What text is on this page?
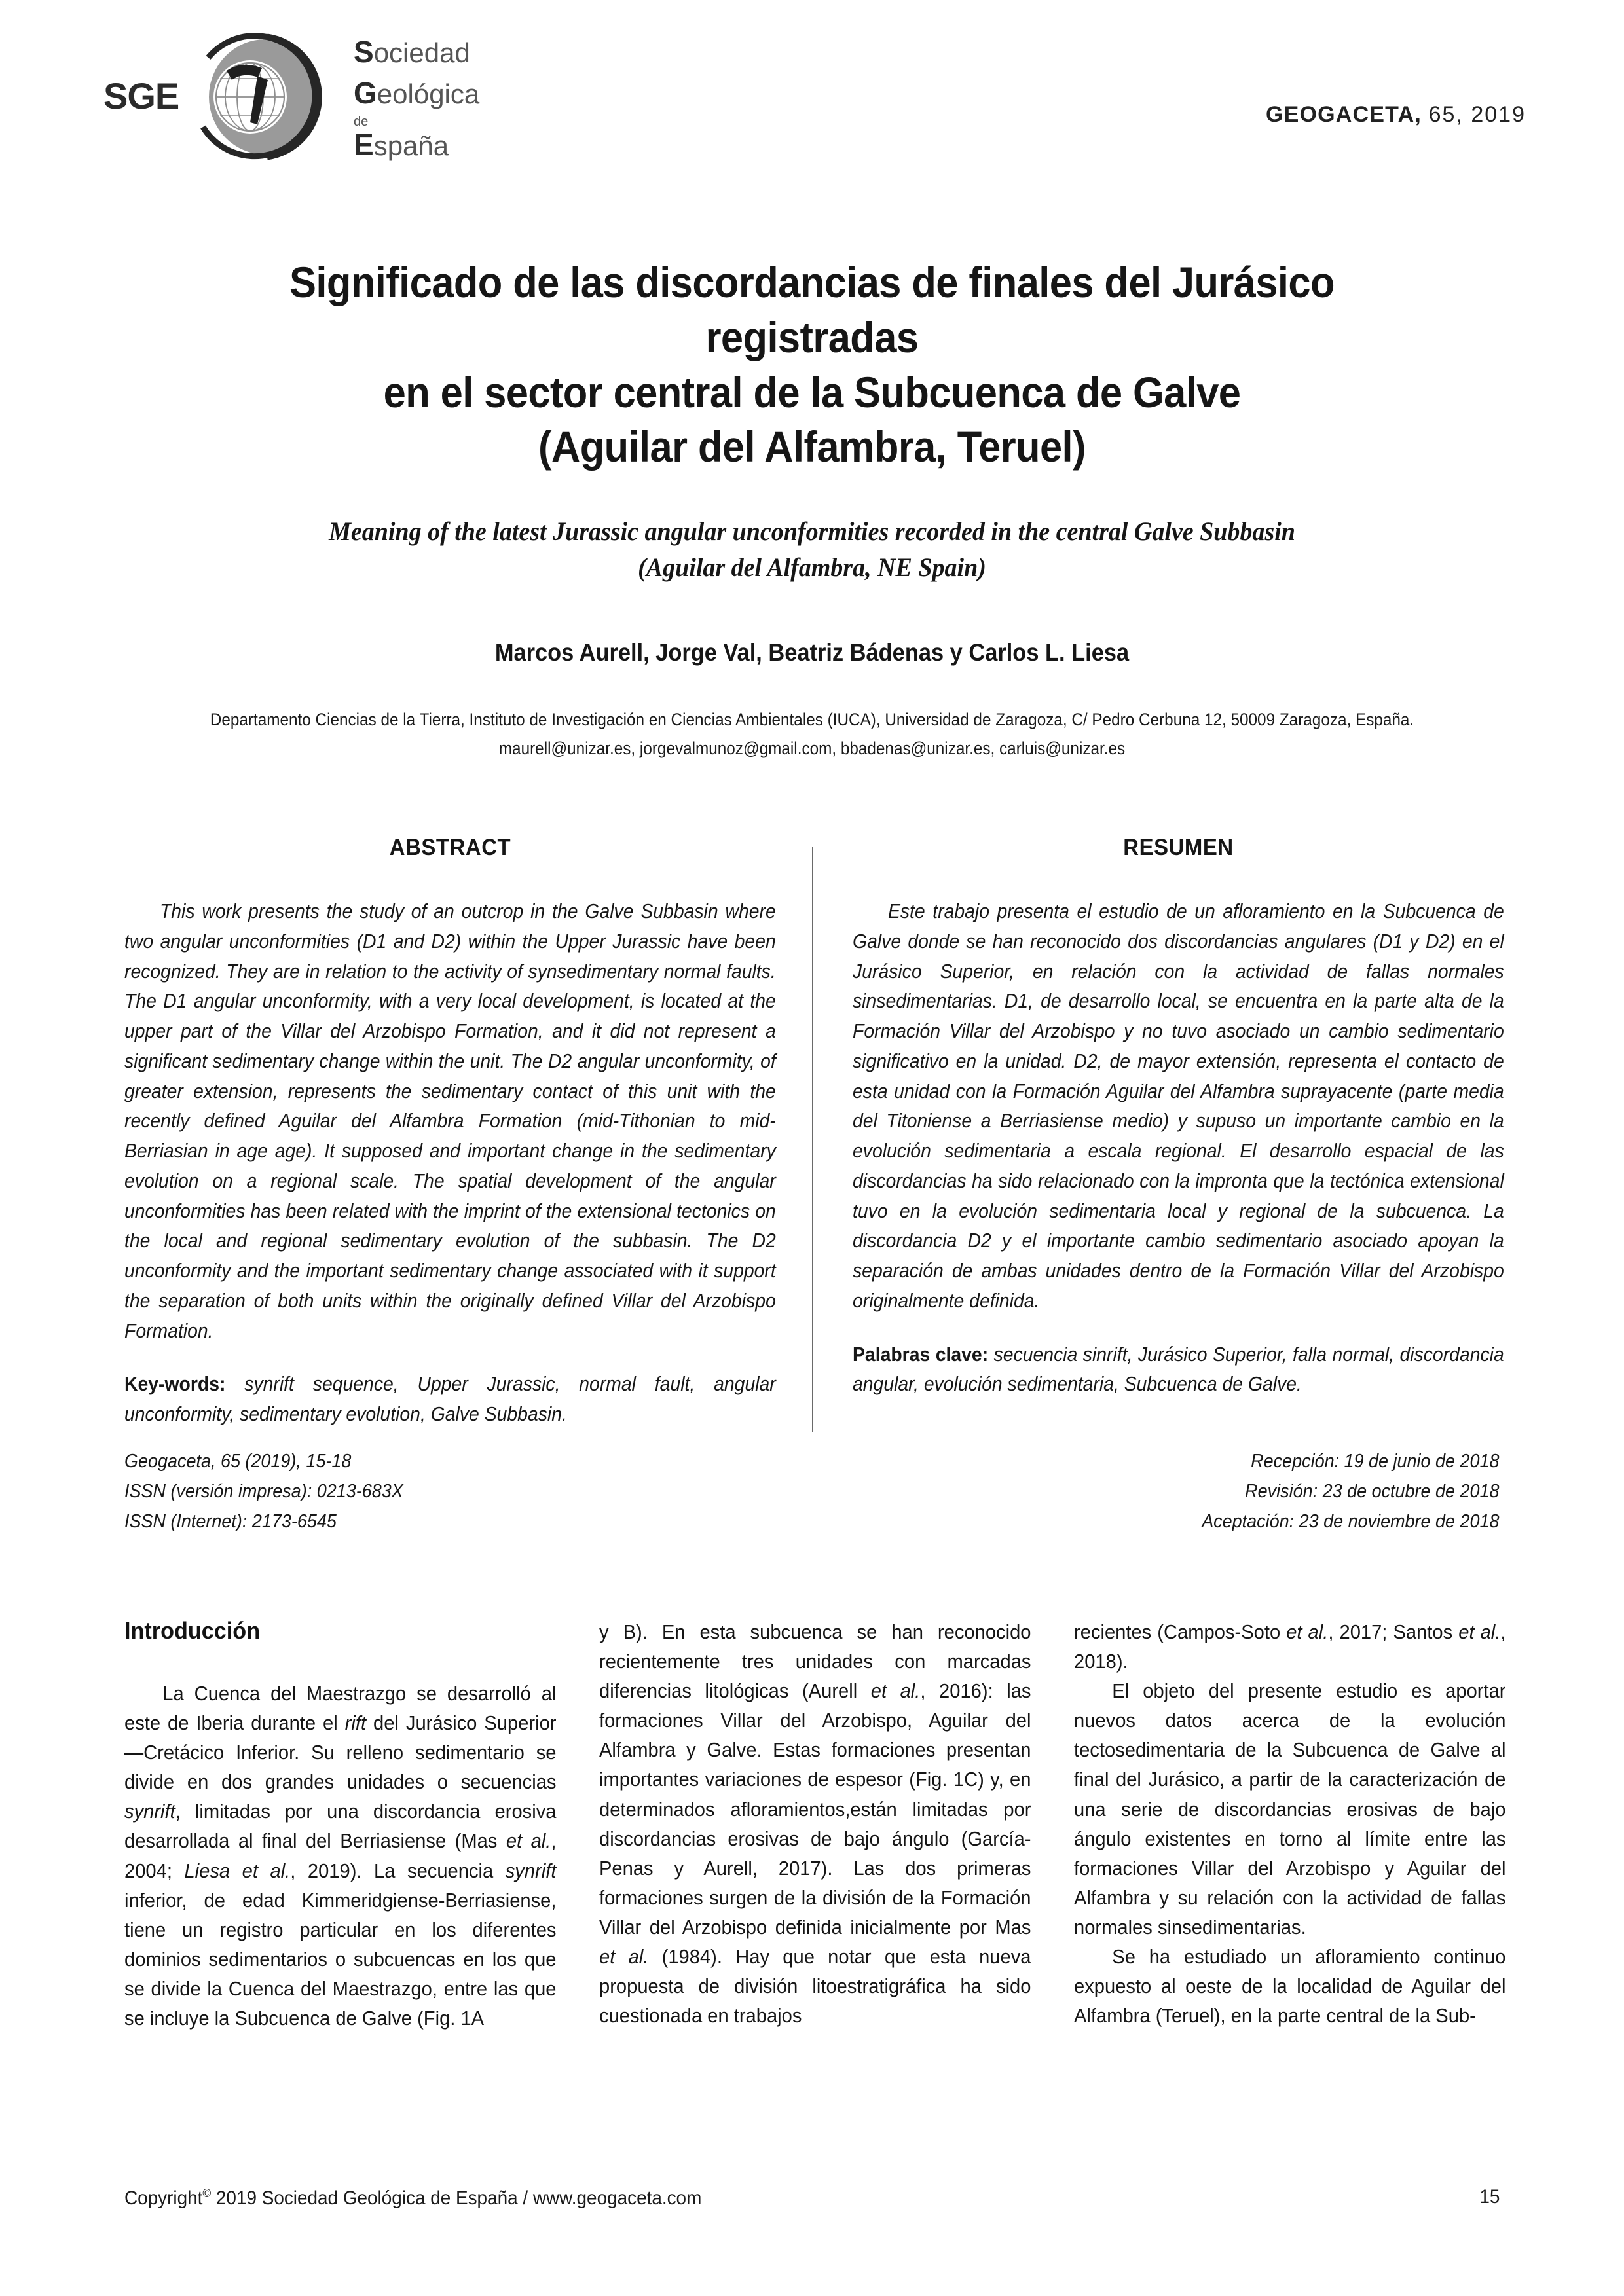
SGE
Sociedad
Geológica
de
España
GEOGACETA, 65, 2019
Significado de las discordancias de finales del Jurásico registradas
en el sector central de la Subcuenca de Galve
(Aguilar del Alfambra, Teruel)
Meaning of the latest Jurassic angular unconformities recorded in the central Galve Subbasin
(Aguilar del Alfambra, NE Spain)
Marcos Aurell, Jorge Val, Beatriz Bádenas y Carlos L. Liesa
Departamento Ciencias de la Tierra, Instituto de Investigación en Ciencias Ambientales (IUCA), Universidad de Zaragoza, C/ Pedro Cerbuna 12, 50009 Zaragoza, España.
maurell@unizar.es, jorgevalmunoz@gmail.com, bbadenas@unizar.es, carluis@unizar.es
ABSTRACT
This work presents the study of an outcrop in the Galve Subbasin where two angular unconformities (D1 and D2) within the Upper Jurassic have been recognized. They are in relation to the activity of synsedimentary normal faults. The D1 angular unconformity, with a very local development, is located at the upper part of the Villar del Arzobispo Formation, and it did not represent a significant sedimentary change within the unit. The D2 angular unconformity, of greater extension, represents the sedimentary contact of this unit with the recently defined Aguilar del Alfambra Formation (mid-Tithonian to mid-Berriasian in age age). It supposed and important change in the sedimentary evolution on a regional scale. The spatial development of the angular unconformities has been related with the imprint of the extensional tectonics on the local and regional sedimentary evolution of the subbasin. The D2 unconformity and the important sedimentary change associated with it support the separation of both units within the originally defined Villar del Arzobispo Formation.
Key-words: synrift sequence, Upper Jurassic, normal fault, angular unconformity, sedimentary evolution, Galve Subbasin.
RESUMEN
Este trabajo presenta el estudio de un afloramiento en la Subcuenca de Galve donde se han reconocido dos discordancias angulares (D1 y D2) en el Jurásico Superior, en relación con la actividad de fallas normales sinsedimentarias. D1, de desarrollo local, se encuentra en la parte alta de la Formación Villar del Arzobispo y no tuvo asociado un cambio sedimentario significativo en la unidad. D2, de mayor extensión, representa el contacto de esta unidad con la Formación Aguilar del Alfambra suprayacente (parte media del Titoniense a Berriasiense medio) y supuso un importante cambio en la evolución sedimentaria a escala regional. El desarrollo espacial de las discordancias ha sido relacionado con la impronta que la tectónica extensional tuvo en la evolución sedimentaria local y regional de la subcuenca. La discordancia D2 y el importante cambio sedimentario asociado apoyan la separación de ambas unidades dentro de la Formación Villar del Arzobispo originalmente definida.
Palabras clave: secuencia sinrift, Jurásico Superior, falla normal, discordancia angular, evolución sedimentaria, Subcuenca de Galve.
Geogaceta, 65 (2019), 15-18
ISSN (versión impresa): 0213-683X
ISSN (Internet): 2173-6545
Recepción: 19 de junio de 2018
Revisión: 23 de octubre de 2018
Aceptación: 23 de noviembre de 2018
Introducción

La Cuenca del Maestrazgo se desarrolló al este de Iberia durante el rift del Jurásico Superior—Cretácico Inferior. Su relleno sedimentario se divide en dos grandes unidades o secuencias synrift, limitadas por una discordancia erosiva desarrollada al final del Berriasiense (Mas et al., 2004; Liesa et al., 2019). La secuencia synrift inferior, de edad Kimmeridgiense-Berriasiense, tiene un registro particular en los diferentes dominios sedimentarios o subcuencas en los que se divide la Cuenca del Maestrazgo, entre las que se incluye la Subcuenca de Galve (Fig. 1A

y B). En esta subcuenca se han reconocido recientemente tres unidades con marcadas diferencias litológicas (Aurell et al., 2016): las formaciones Villar del Arzobispo, Aguilar del Alfambra y Galve. Estas formaciones presentan importantes variaciones de espesor (Fig. 1C) y, en determinados afloramientos,están limitadas por discordancias erosivas de bajo ángulo (García-Penas y Aurell, 2017). Las dos primeras formaciones surgen de la división de la Formación Villar del Arzobispo definida inicialmente por Mas et al. (1984). Hay que notar que esta nueva propuesta de división litoestratigráfica ha sido cuestionada en trabajos

recientes (Campos-Soto et al., 2017; Santos et al., 2018).

El objeto del presente estudio es aportar nuevos datos acerca de la evolución tectosedimentaria de la Subcuenca de Galve al final del Jurásico, a partir de la caracterización de una serie de discordancias erosivas de bajo ángulo existentes en torno al límite entre las formaciones Villar del Arzobispo y Aguilar del Alfambra y su relación con la actividad de fallas normales sinsedimentarias.

Se ha estudiado un afloramiento continuo expuesto al oeste de la localidad de Aguilar del Alfambra (Teruel), en la parte central de la Sub-

Copyright© 2019 Sociedad Geológica de España / www.geogaceta.com	15
